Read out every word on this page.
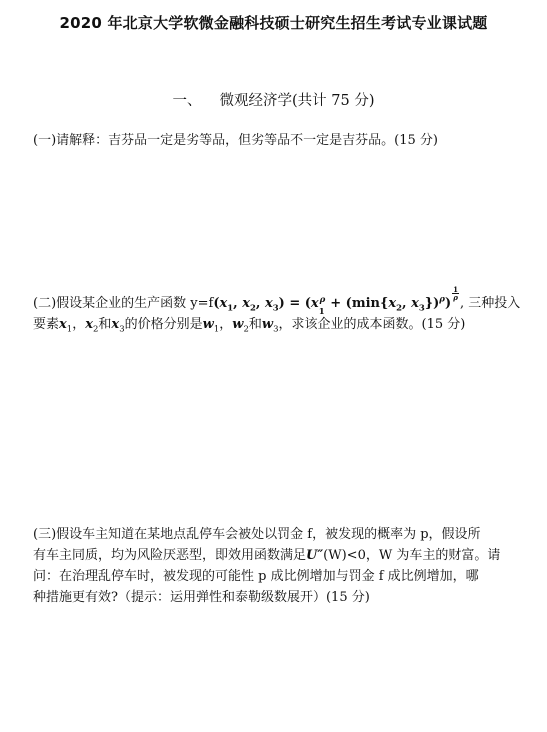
2020 年北京大学软微金融科技硕士研究生招生考试专业课试题
一、 微观经济学(共计 75 分)
(一)请解释：吉芬品一定是劣等品，但劣等品不一定是吉芬品。(15 分)
(二)假设某企业的生产函数 $y=f(x_1$, $x_2$, $x_3) = (x_1^\rho + (\min\{x_2$, $x_3\})^\rho$)
$\frac{1}{\rho}$
, 三种投入
要素$x_1$，$x_2$和$x_3$的价格分别是$w_1$，$w_2$和$w_3$，求该企业的成本函数。(15 分)
(三)假设车主知道在某地点乱停车会被处以罚金 f，被发现的概率为 p，假设所
有车主同质，均为风险厌恶型，即效用函数满足U″(W)<0，W 为车主的财富。请
问：在治理乱停车时，被发现的可能性 p 成比例增加与罚金 f 成比例增加，哪
种措施更有效?（提示：运用弹性和泰勒级数展开）(15 分)
